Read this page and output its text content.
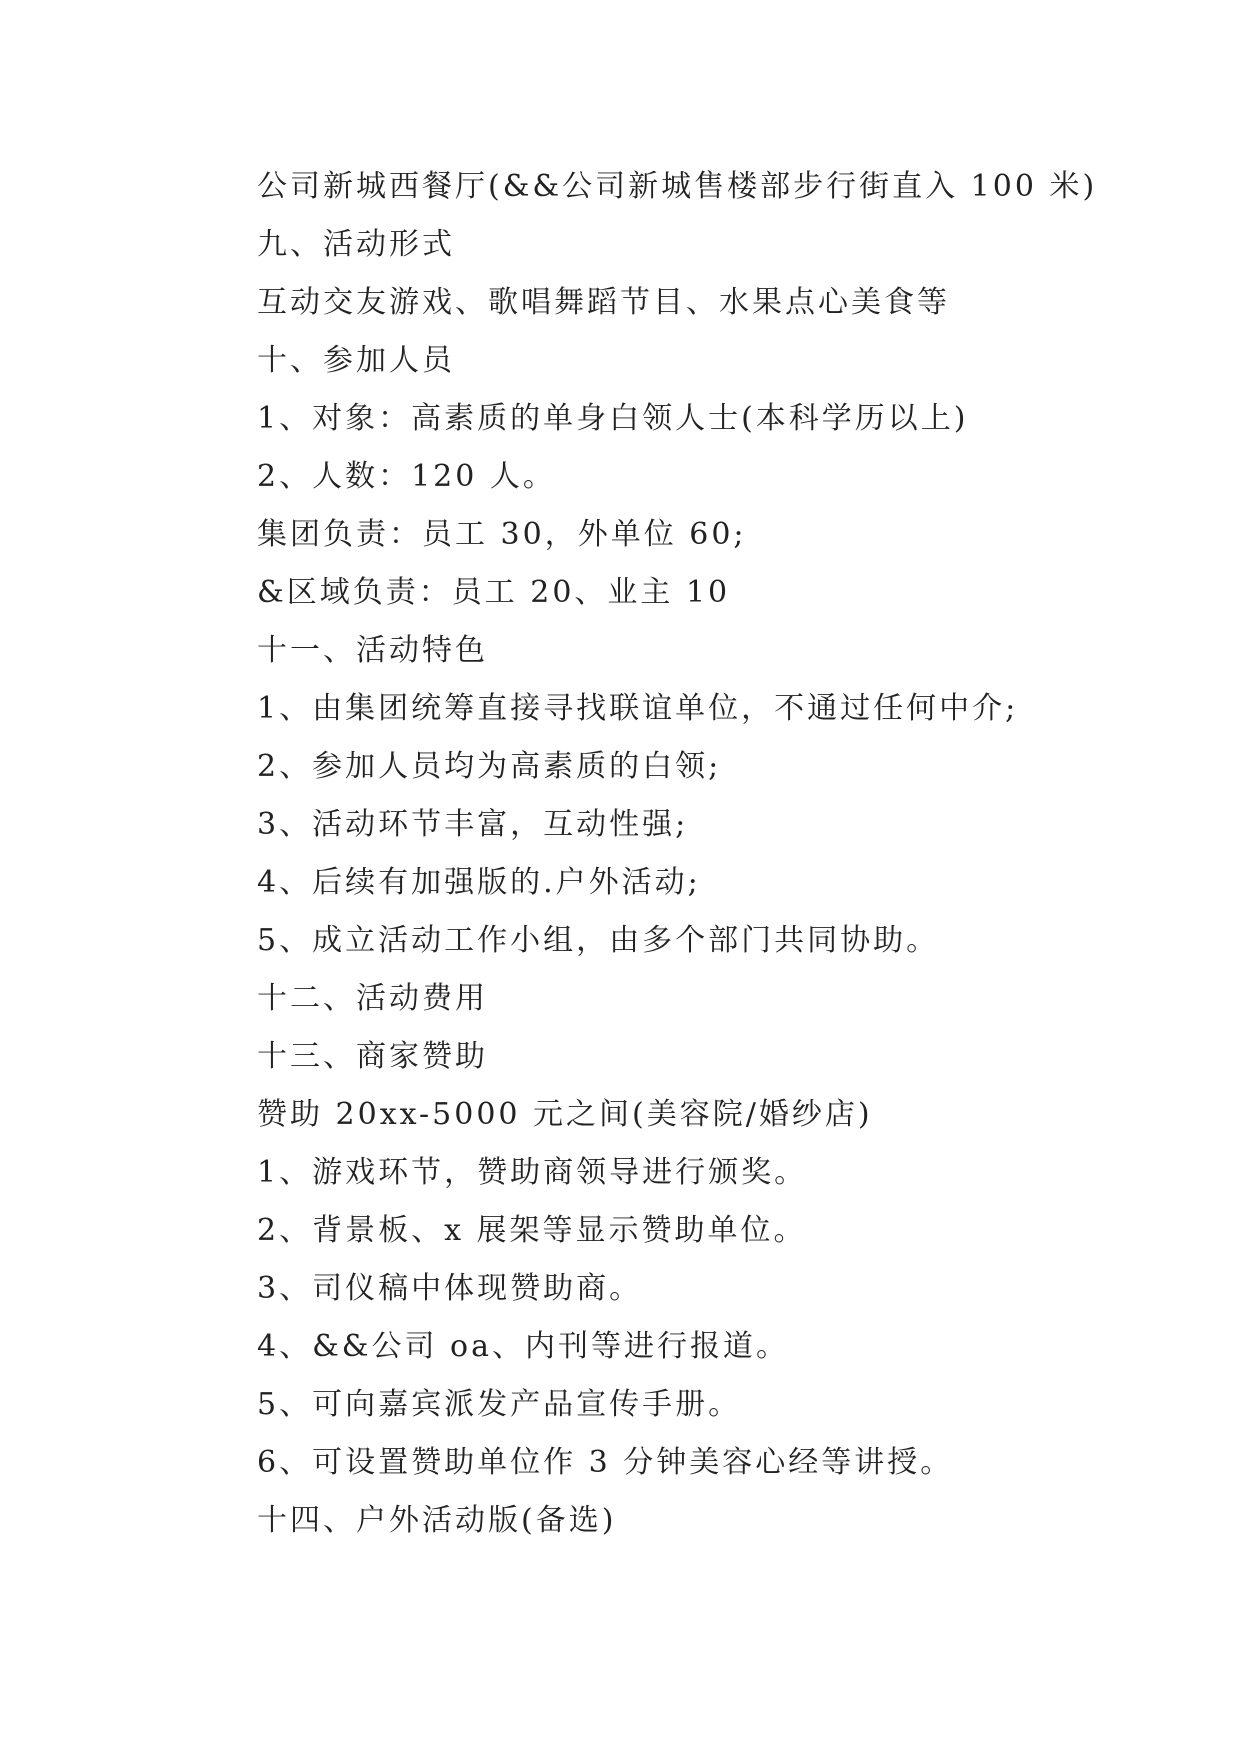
公司新城西餐厅(&&公司新城售楼部步行街直入 100 米)
九、活动形式
互动交友游戏、歌唱舞蹈节目、水果点心美食等
十、参加人员
1、对象：高素质的单身白领人士(本科学历以上)
2、人数：120 人。
集团负责：员工 30，外单位 60;
&区域负责：员工 20、业主 10
十一、活动特色
1、由集团统筹直接寻找联谊单位，不通过任何中介;
2、参加人员均为高素质的白领;
3、活动环节丰富，互动性强;
4、后续有加强版的.户外活动;
5、成立活动工作小组，由多个部门共同协助。
十二、活动费用
十三、商家赞助
赞助 20xx-5000 元之间(美容院/婚纱店)
1、游戏环节，赞助商领导进行颁奖。
2、背景板、x 展架等显示赞助单位。
3、司仪稿中体现赞助商。
4、&&公司 oa、内刊等进行报道。
5、可向嘉宾派发产品宣传手册。
6、可设置赞助单位作 3 分钟美容心经等讲授。
十四、户外活动版(备选)
